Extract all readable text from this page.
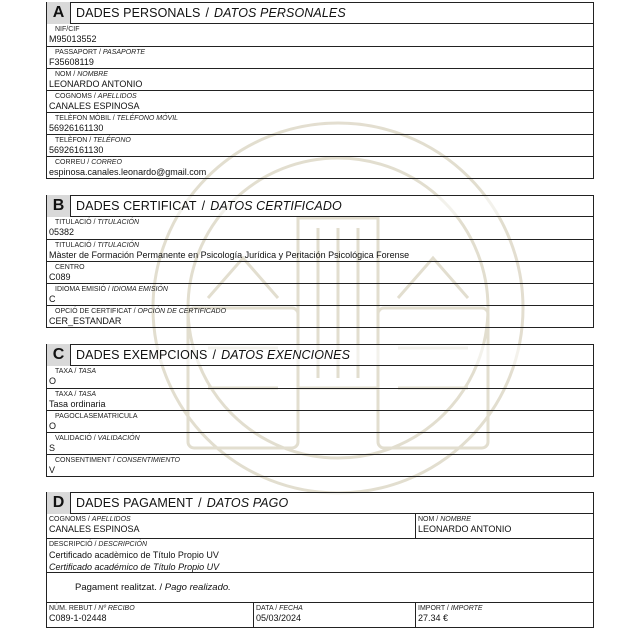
A DADES PERSONALS / DATOS PERSONALES
NIF/CIF
M95013552
PASSAPORT / PASAPORTE
F35608119
NOM / NOMBRE
LEONARDO ANTONIO
COGNOMS / APELLIDOS
CANALES ESPINOSA
TELÈFON MÒBIL / TELÉFONO MÓVIL
56926161130
TELÈFON / TELÉFONO
56926161130
CORREU / CORREO
espinosa.canales.leonardo@gmail.com
B DADES CERTIFICAT / DATOS CERTIFICADO
TITULACIÓ / TITULACIÓN
05382
TITULACIÓ / TITULACIÓN
Màster de Formación Permanente en Psicología Jurídica y Peritación Psicológica Forense
CENTRO
C089
IDIOMA EMISIÓ / IDIOMA EMISIÓN
C
OPCIÓ DE CERTIFICAT / OPCIÓN DE CERTIFICADO
CER_ESTANDAR
C DADES EXEMPCIONS / DATOS EXENCIONES
TAXA / TASA
O
TAXA / TASA
Tasa ordinaria
PAGOCLASEMATRICULA
O
VALIDACIÓ / VALIDACIÓN
S
CONSENTIMENT / CONSENTIMIENTO
V
D DADES PAGAMENT / DATOS PAGO
COGNOMS / APELLIDOS
CANALES ESPINOSA
NOM / NOMBRE
LEONARDO ANTONIO
DESCRIPCIÓ / DESCRIPCIÓN
Certificado acadèmico de Título Propio UV
Certificado académico de Título Propio UV
Pagament realitzat.
/
Pago realizado.
NÚM. REBUT / Nº RECIBO
C089-1-02448
DATA / FECHA
05/03/2024
IMPORT / IMPORTE
27.34 €
